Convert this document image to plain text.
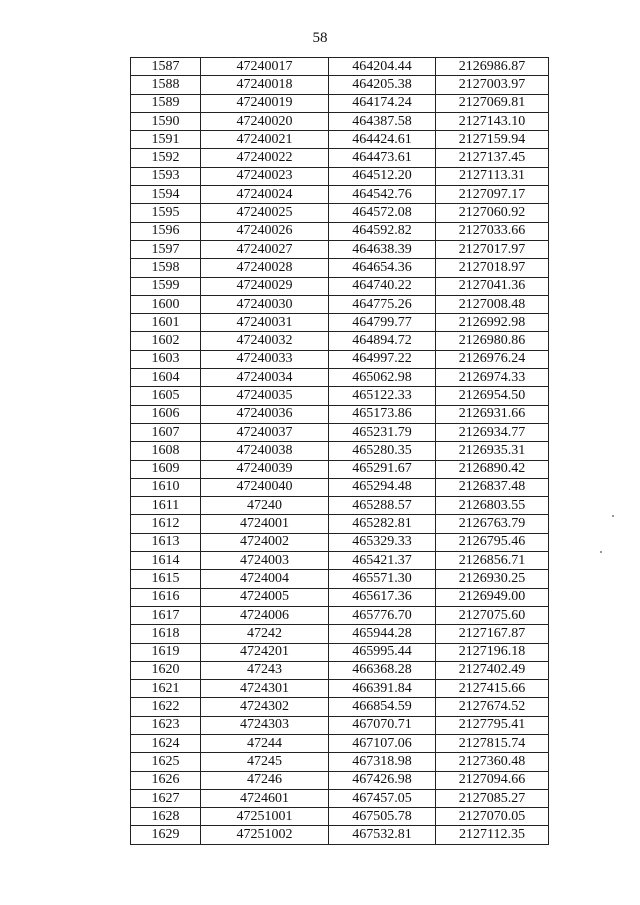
58
1587	47240017	464204.44	2126986.87
1588	47240018	464205.38	2127003.97
1589	47240019	464174.24	2127069.81
1590	47240020	464387.58	2127143.10
1591	47240021	464424.61	2127159.94
1592	47240022	464473.61	2127137.45
1593	47240023	464512.20	2127113.31
1594	47240024	464542.76	2127097.17
1595	47240025	464572.08	2127060.92
1596	47240026	464592.82	2127033.66
1597	47240027	464638.39	2127017.97
1598	47240028	464654.36	2127018.97
1599	47240029	464740.22	2127041.36
1600	47240030	464775.26	2127008.48
1601	47240031	464799.77	2126992.98
1602	47240032	464894.72	2126980.86
1603	47240033	464997.22	2126976.24
1604	47240034	465062.98	2126974.33
1605	47240035	465122.33	2126954.50
1606	47240036	465173.86	2126931.66
1607	47240037	465231.79	2126934.77
1608	47240038	465280.35	2126935.31
1609	47240039	465291.67	2126890.42
1610	47240040	465294.48	2126837.48
1611	47240	465288.57	2126803.55
1612	4724001	465282.81	2126763.79
1613	4724002	465329.33	2126795.46
1614	4724003	465421.37	2126856.71
1615	4724004	465571.30	2126930.25
1616	4724005	465617.36	2126949.00
1617	4724006	465776.70	2127075.60
1618	47242	465944.28	2127167.87
1619	4724201	465995.44	2127196.18
1620	47243	466368.28	2127402.49
1621	4724301	466391.84	2127415.66
1622	4724302	466854.59	2127674.52
1623	4724303	467070.71	2127795.41
1624	47244	467107.06	2127815.74
1625	47245	467318.98	2127360.48
1626	47246	467426.98	2127094.66
1627	4724601	467457.05	2127085.27
1628	47251001	467505.78	2127070.05
1629	47251002	467532.81	2127112.35
